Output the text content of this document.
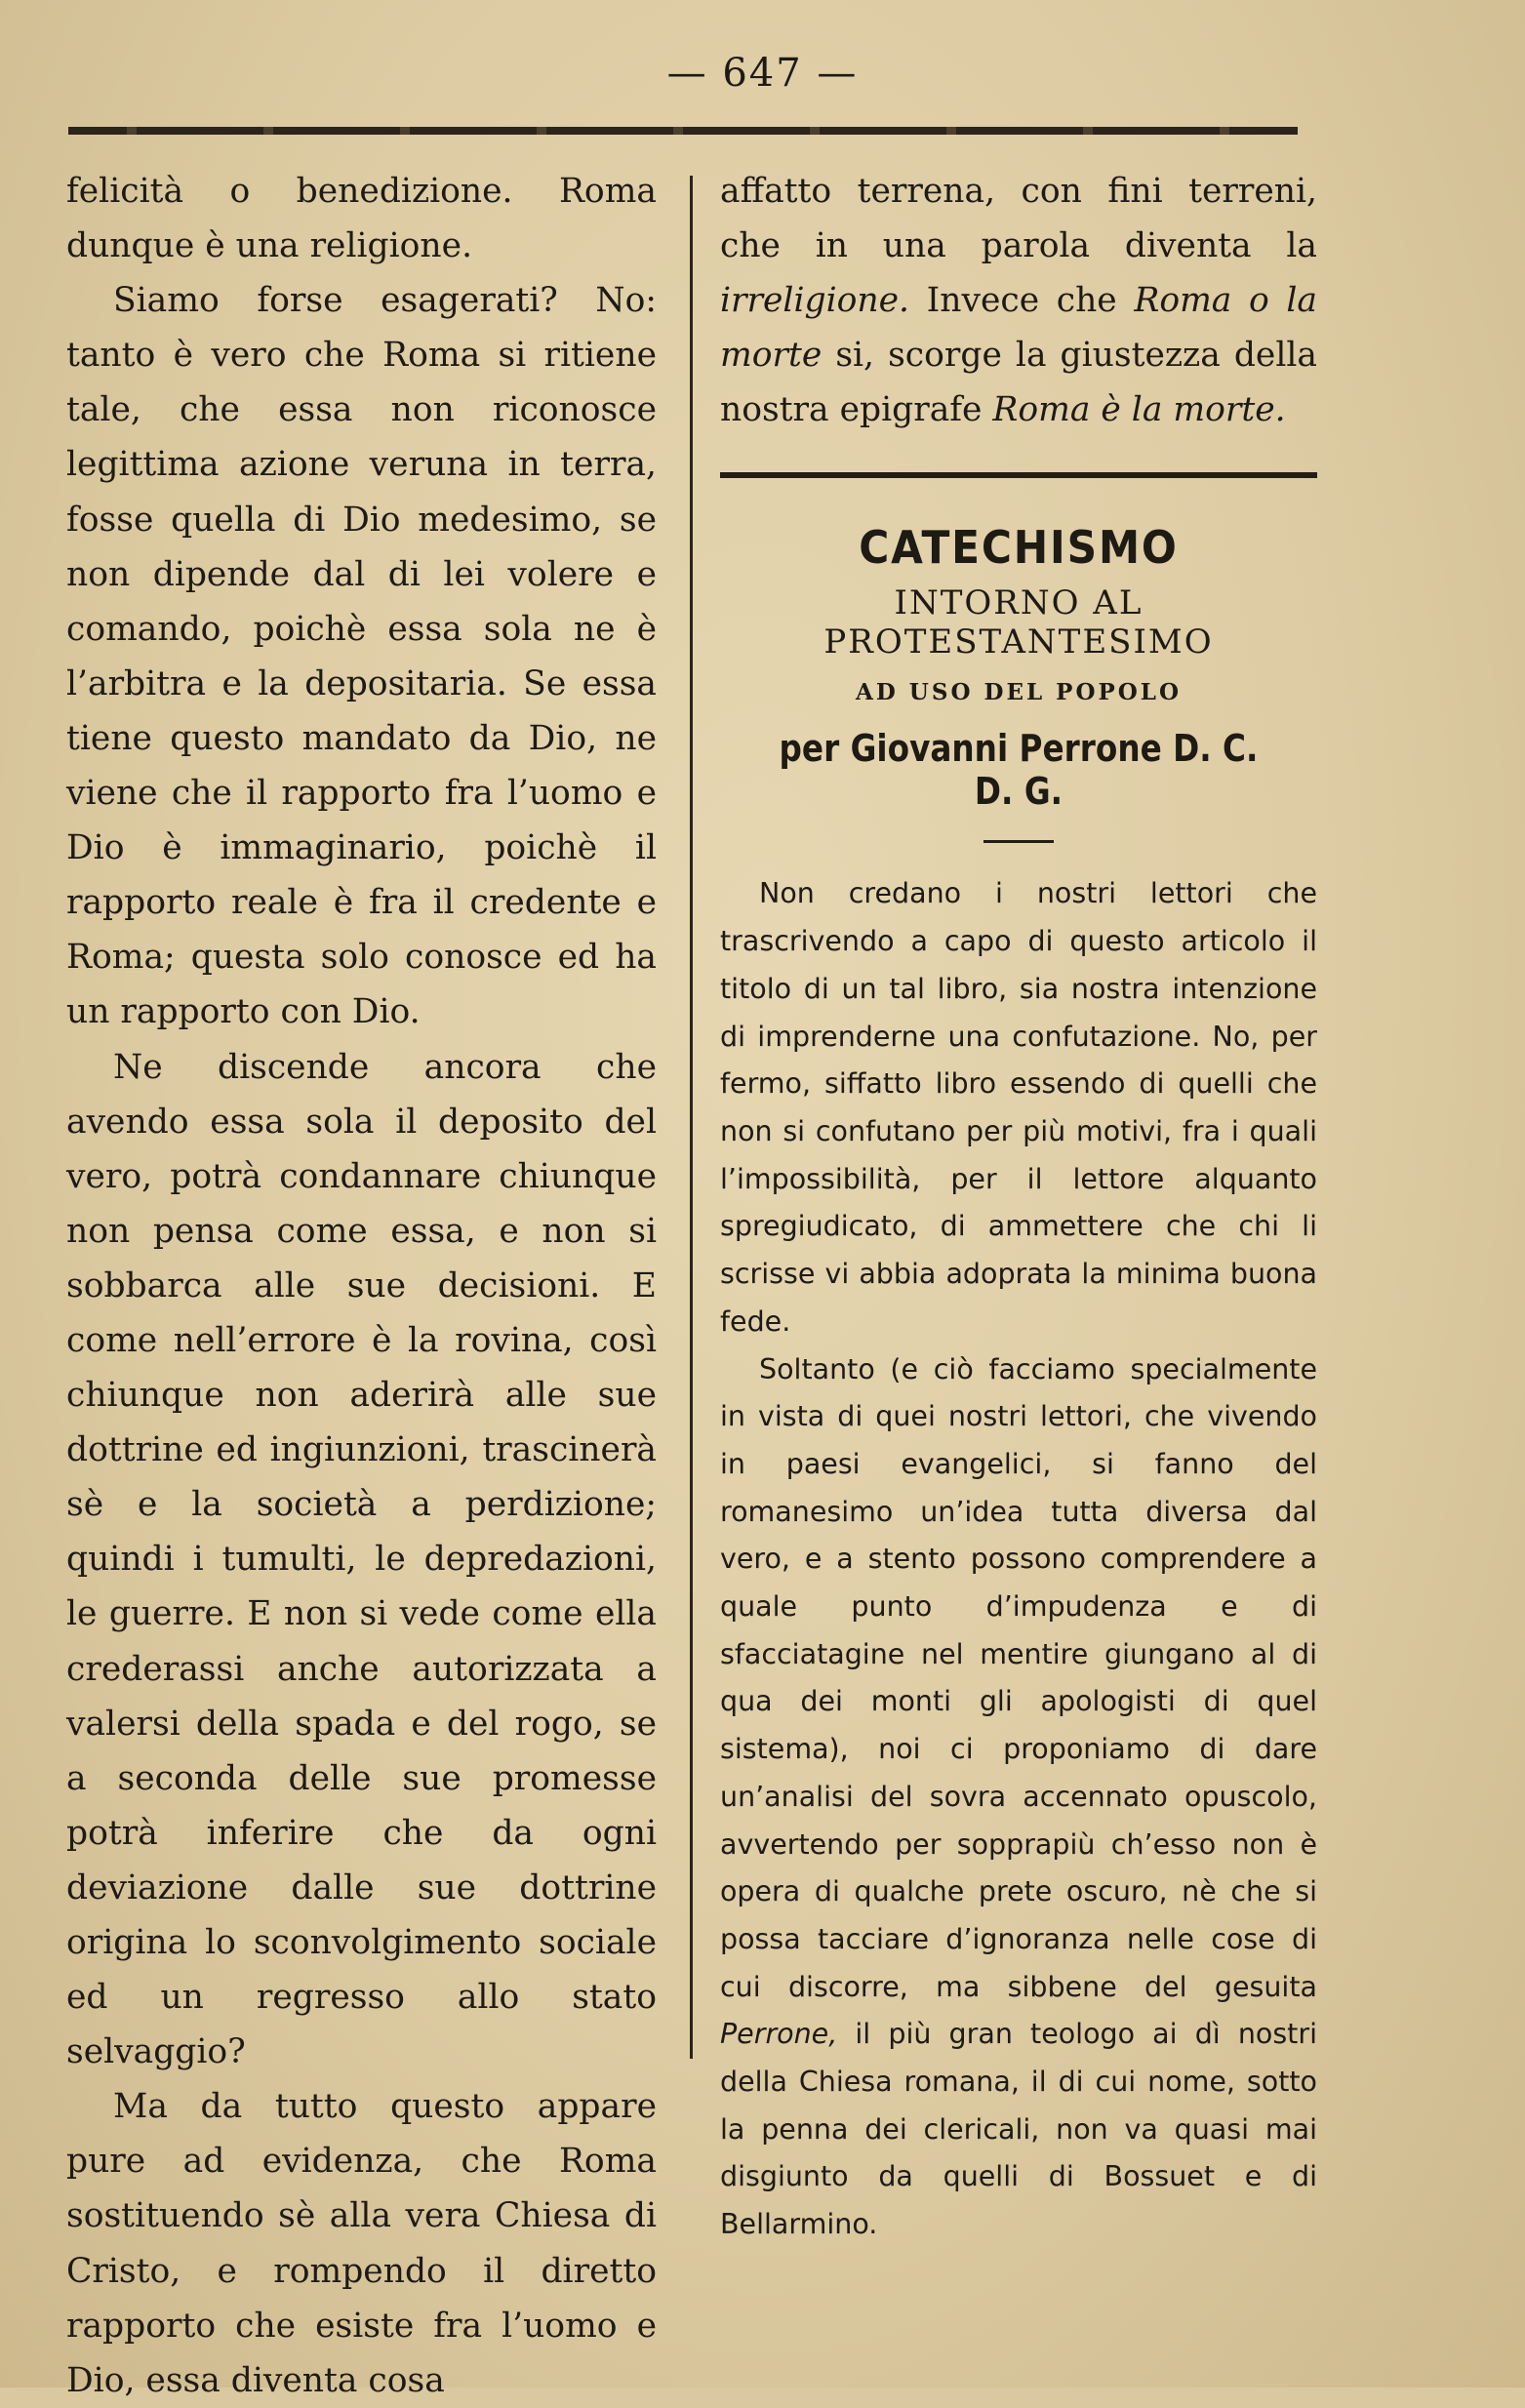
— 647 —

felicità o benedizione. Roma dunque è una religione.

Siamo forse esagerati? No: tanto è vero che Roma si ritiene tale, che essa non riconosce legittima azione veruna in terra, fosse quella di Dio medesimo, se non dipende dal di lei volere e comando, poichè essa sola ne è l’arbitra e la depositaria. Se essa tiene questo mandato da Dio, ne viene che il rapporto fra l’uomo e Dio è immaginario, poichè il rapporto reale è fra il credente e Roma; questa solo conosce ed ha un rapporto con Dio.

Ne discende ancora che avendo essa sola il deposito del vero, potrà condannare chiunque non pensa come essa, e non si sobbarca alle sue decisioni. E come nell’errore è la rovina, così chiunque non aderirà alle sue dottrine ed ingiunzioni, trascinerà sè e la società a perdizione; quindi i tumulti, le depredazioni, le guerre. E non si vede come ella crederassi anche autorizzata a valersi della spada e del rogo, se a seconda delle sue promesse potrà inferire che da ogni deviazione dalle sue dottrine origina lo sconvolgimento sociale ed un regresso allo stato selvaggio?

Ma da tutto questo appare pure ad evidenza, che Roma sostituendo sè alla vera Chiesa di Cristo, e rompendo il diretto rapporto che esiste fra l’uomo e Dio, essa diventa cosa

affatto terrena, con fini terreni, che in una parola diventa la irreligione. Invece che Roma o la morte si, scorge la giustezza della nostra epigrafe Roma è la morte.

CATECHISMO
INTORNO AL PROTESTANTESIMO
AD USO DEL POPOLO
per Giovanni Perrone D. C. D. G.

Non credano i nostri lettori che trascrivendo a capo di questo articolo il titolo di un tal libro, sia nostra intenzione di imprenderne una confutazione. No, per fermo, siffatto libro essendo di quelli che non si confutano per più motivi, fra i quali l’impossibilità, per il lettore alquanto spregiudicato, di ammettere che chi li scrisse vi abbia adoprata la minima buona fede.

Soltanto (e ciò facciamo specialmente in vista di quei nostri lettori, che vivendo in paesi evangelici, si fanno del romanesimo un’idea tutta diversa dal vero, e a stento possono comprendere a quale punto d’impudenza e di sfacciatagine nel mentire giungano al di qua dei monti gli apologisti di quel sistema), noi ci proponiamo di dare un’analisi del sovra accennato opuscolo, avvertendo per sopprapiù ch’esso non è opera di qualche prete oscuro, nè che si possa tacciare d’ignoranza nelle cose di cui discorre, ma sibbene del gesuita Perrone, il più gran teologo ai dì nostri della Chiesa romana, il di cui nome, sotto la penna dei clericali, non va quasi mai disgiunto da quelli di Bossuet e di Bellarmino.
